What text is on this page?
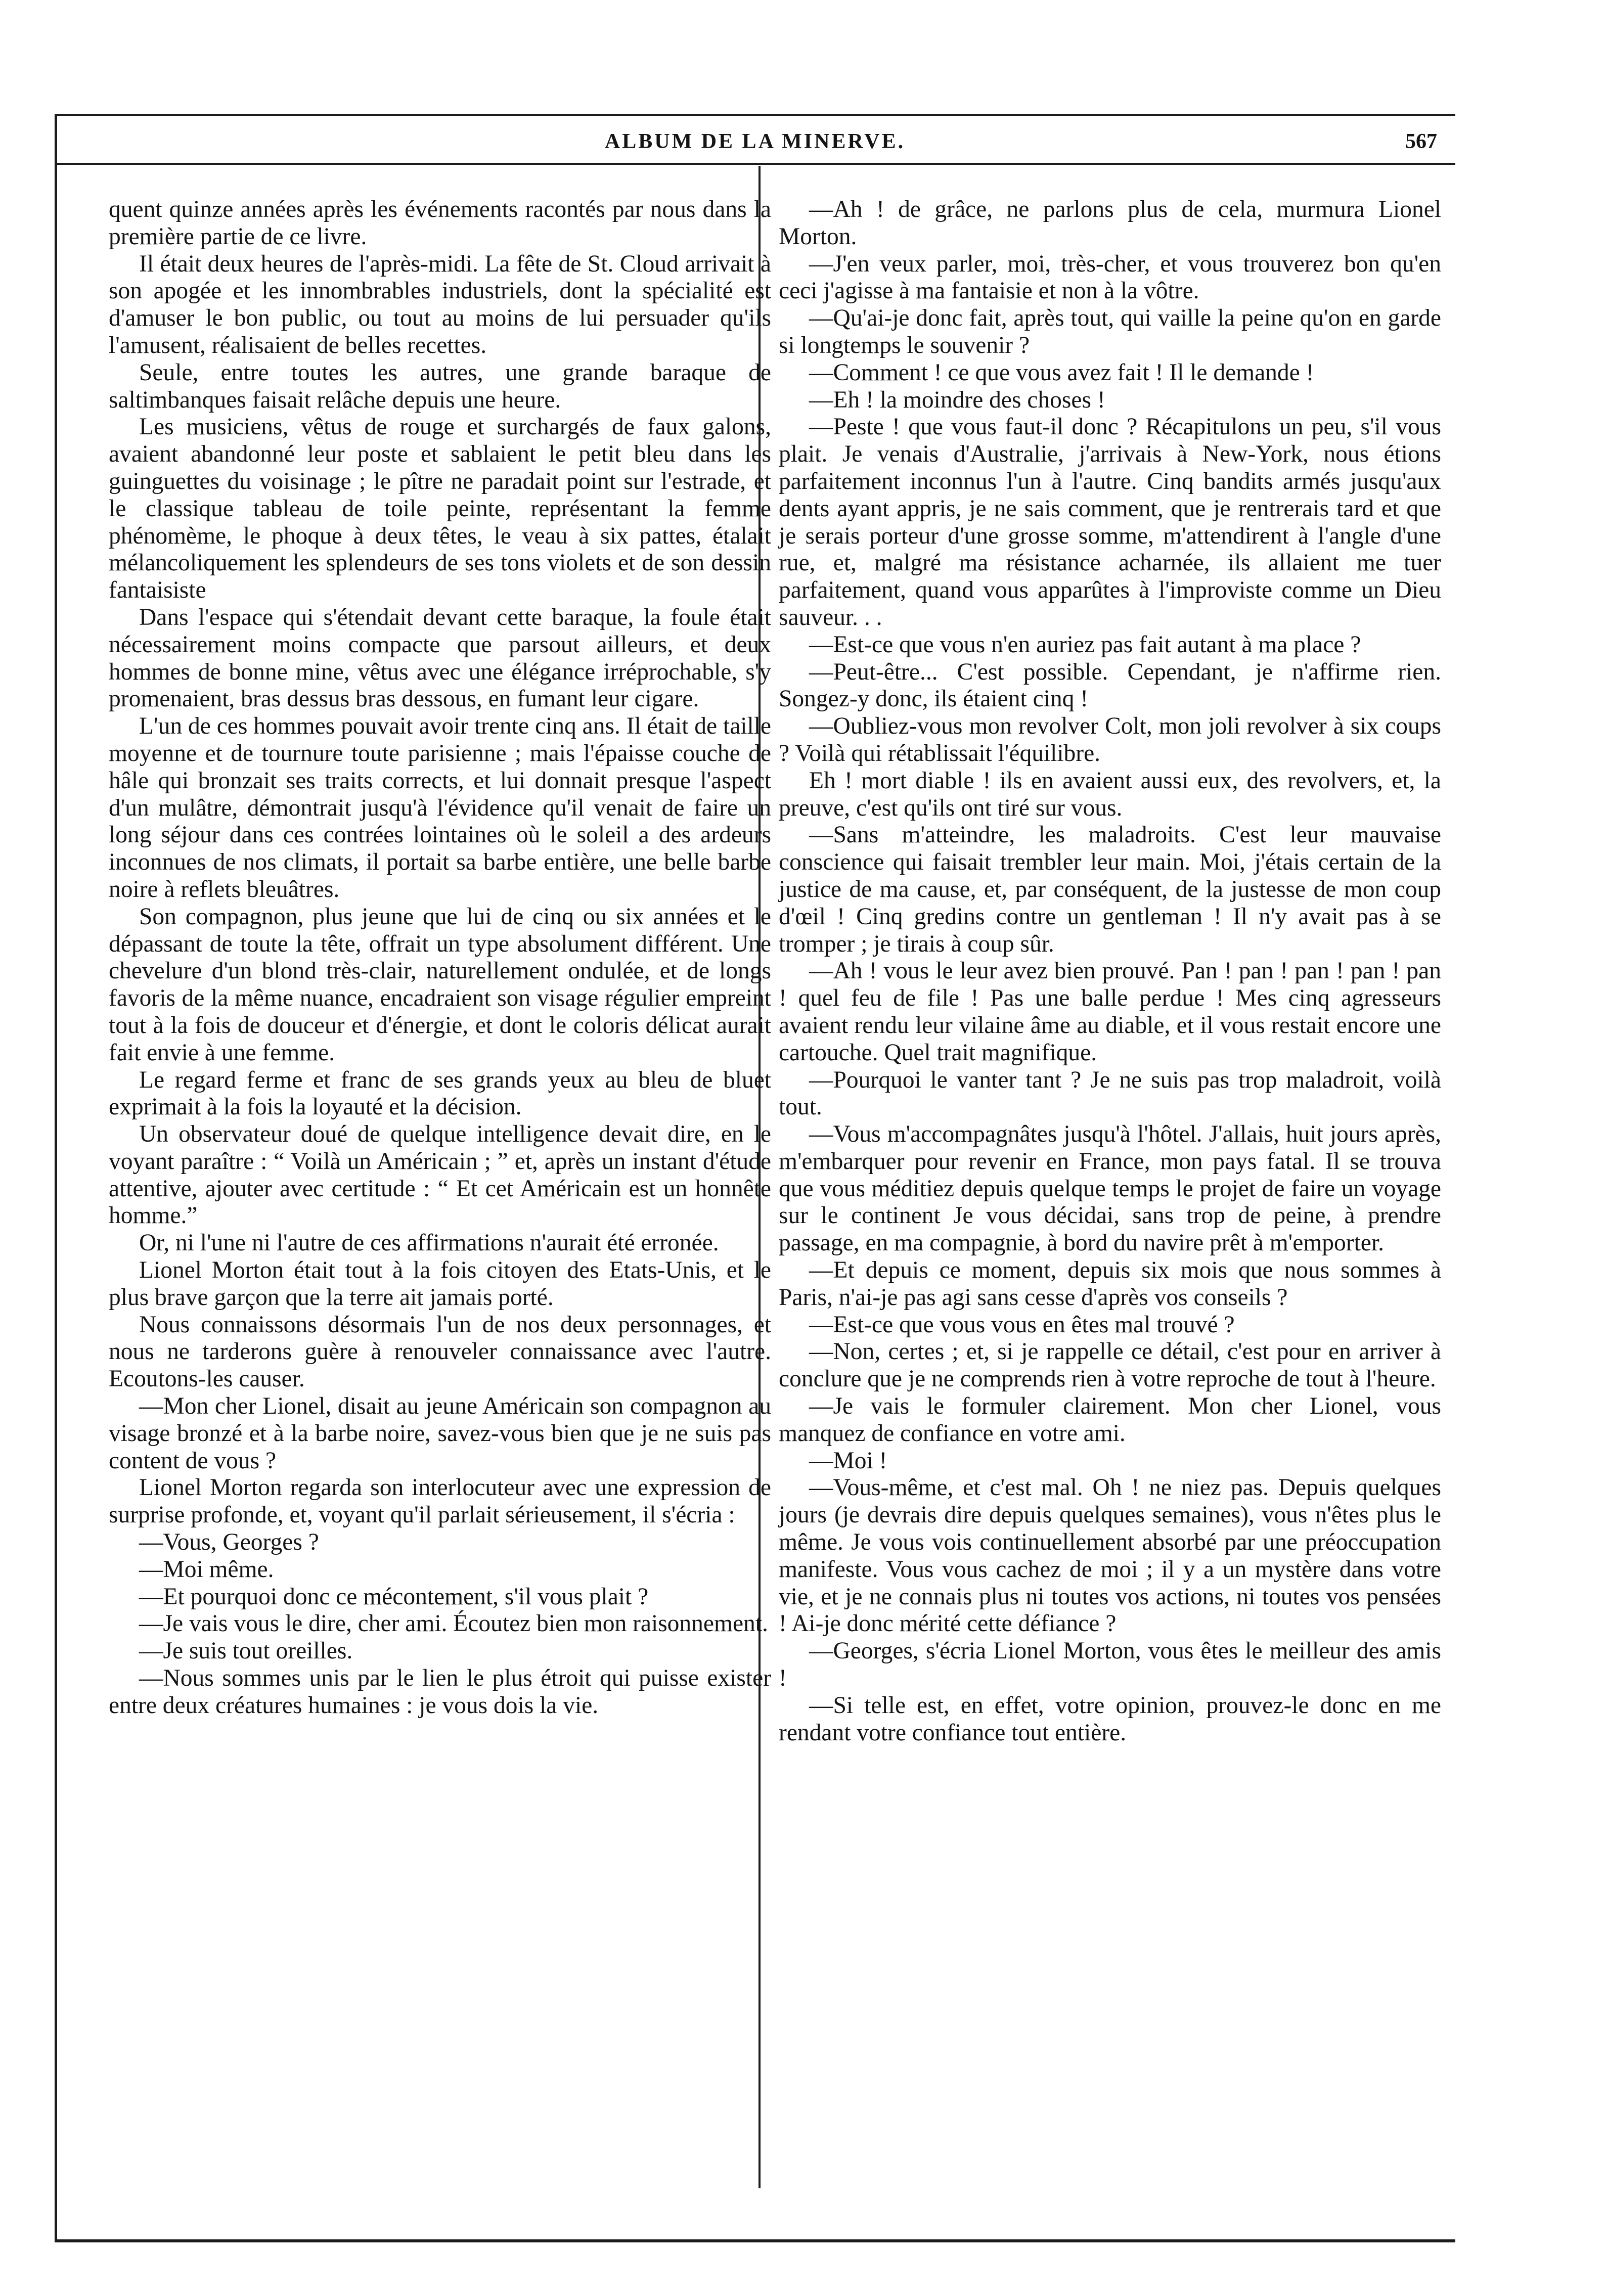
ALBUM DE LA MINERVE.	567

quent quinze années après les événements racontés par nous dans la première partie de ce livre.

Il était deux heures de l'après-midi. La fête de St. Cloud arrivait à son apogée et les innombrables industriels, dont la spécialité est d'amuser le bon public, ou tout au moins de lui persuader qu'ils l'amusent, réalisaient de belles recettes.

Seule, entre toutes les autres, une grande baraque de saltimbanques faisait relâche depuis une heure.

Les musiciens, vêtus de rouge et surchargés de faux galons, avaient abandonné leur poste et sablaient le petit bleu dans les guinguettes du voisinage ; le pître ne paradait point sur l'estrade, et le classique tableau de toile peinte, représentant la femme phénomème, le phoque à deux têtes, le veau à six pattes, étalait mélancoliquement les splendeurs de ses tons violets et de son dessin fantaisiste

Dans l'espace qui s'étendait devant cette baraque, la foule était nécessairement moins compacte que parsout ailleurs, et deux hommes de bonne mine, vêtus avec une élégance irréprochable, s'y promenaient, bras dessus bras dessous, en fumant leur cigare.

L'un de ces hommes pouvait avoir trente cinq ans. Il était de taille moyenne et de tournure toute parisienne ; mais l'épaisse couche de hâle qui bronzait ses traits corrects, et lui donnait presque l'aspect d'un mulâtre, démontrait jusqu'à l'évidence qu'il venait de faire un long séjour dans ces contrées lointaines où le soleil a des ardeurs inconnues de nos climats, il portait sa barbe entière, une belle barbe noire à reflets bleuâtres.

Son compagnon, plus jeune que lui de cinq ou six années et le dépassant de toute la tête, offrait un type absolument différent. Une chevelure d'un blond très-clair, naturellement ondulée, et de longs favoris de la même nuance, encadraient son visage régulier empreint tout à la fois de douceur et d'énergie, et dont le coloris délicat aurait fait envie à une femme.

Le regard ferme et franc de ses grands yeux au bleu de bluet exprimait à la fois la loyauté et la décision.

Un observateur doué de quelque intelligence devait dire, en le voyant paraître : “ Voilà un Américain ; ” et, après un instant d'étude attentive, ajouter avec certitude : “ Et cet Américain est un honnête homme.”

Or, ni l'une ni l'autre de ces affirmations n'aurait été erronée.

Lionel Morton était tout à la fois citoyen des Etats-Unis, et le plus brave garçon que la terre ait jamais porté.

Nous connaissons désormais l'un de nos deux personnages, et nous ne tarderons guère à renouveler connaissance avec l'autre. Ecoutons-les causer.

—Mon cher Lionel, disait au jeune Américain son compagnon au visage bronzé et à la barbe noire, savez-vous bien que je ne suis pas content de vous ?

Lionel Morton regarda son interlocuteur avec une expression de surprise profonde, et, voyant qu'il parlait sérieusement, il s'écria :

—Vous, Georges ?

—Moi même.

—Et pourquoi donc ce mécontement, s'il vous plait ?

—Je vais vous le dire, cher ami. Écoutez bien mon raisonnement.

—Je suis tout oreilles.

—Nous sommes unis par le lien le plus étroit qui puisse exister entre deux créatures humaines : je vous dois la vie.

—Ah ! de grâce, ne parlons plus de cela, murmura Lionel Morton.

—J'en veux parler, moi, très-cher, et vous trouverez bon qu'en ceci j'agisse à ma fantaisie et non à la vôtre.

—Qu'ai-je donc fait, après tout, qui vaille la peine qu'on en garde si longtemps le souvenir ?

—Comment ! ce que vous avez fait ! Il le demande !

—Eh ! la moindre des choses !

—Peste ! que vous faut-il donc ? Récapitulons un peu, s'il vous plait. Je venais d'Australie, j'arrivais à New-York, nous étions parfaitement inconnus l'un à l'autre. Cinq bandits armés jusqu'aux dents ayant appris, je ne sais comment, que je rentrerais tard et que je serais porteur d'une grosse somme, m'attendirent à l'angle d'une rue, et, malgré ma résistance acharnée, ils allaient me tuer parfaitement, quand vous apparûtes à l'improviste comme un Dieu sauveur. . .

—Est-ce que vous n'en auriez pas fait autant à ma place ?

—Peut-être... C'est possible. Cependant, je n'affirme rien. Songez-y donc, ils étaient cinq !

—Oubliez-vous mon revolver Colt, mon joli revolver à six coups ? Voilà qui rétablissait l'équilibre.

Eh ! mort diable ! ils en avaient aussi eux, des revolvers, et, la preuve, c'est qu'ils ont tiré sur vous.

—Sans m'atteindre, les maladroits. C'est leur mauvaise conscience qui faisait trembler leur main. Moi, j'étais certain de la justice de ma cause, et, par conséquent, de la justesse de mon coup d'œil ! Cinq gredins contre un gentleman ! Il n'y avait pas à se tromper ; je tirais à coup sûr.

—Ah ! vous le leur avez bien prouvé. Pan ! pan ! pan ! pan ! pan ! quel feu de file ! Pas une balle perdue ! Mes cinq agresseurs avaient rendu leur vilaine âme au diable, et il vous restait encore une cartouche. Quel trait magnifique.

—Pourquoi le vanter tant ? Je ne suis pas trop maladroit, voilà tout.

—Vous m'accompagnâtes jusqu'à l'hôtel. J'allais, huit jours après, m'embarquer pour revenir en France, mon pays fatal. Il se trouva que vous méditiez depuis quelque temps le projet de faire un voyage sur le continent Je vous décidai, sans trop de peine, à prendre passage, en ma compagnie, à bord du navire prêt à m'emporter.

—Et depuis ce moment, depuis six mois que nous sommes à Paris, n'ai-je pas agi sans cesse d'après vos conseils ?

—Est-ce que vous vous en êtes mal trouvé ?

—Non, certes ; et, si je rappelle ce détail, c'est pour en arriver à conclure que je ne comprends rien à votre reproche de tout à l'heure.

—Je vais le formuler clairement. Mon cher Lionel, vous manquez de confiance en votre ami.

—Moi !

—Vous-même, et c'est mal. Oh ! ne niez pas. Depuis quelques jours (je devrais dire depuis quelques semaines), vous n'êtes plus le même. Je vous vois continuellement absorbé par une préoccupation manifeste. Vous vous cachez de moi ; il y a un mystère dans votre vie, et je ne connais plus ni toutes vos actions, ni toutes vos pensées ! Ai-je donc mérité cette défiance ?

—Georges, s'écria Lionel Morton, vous êtes le meilleur des amis !

—Si telle est, en effet, votre opinion, prouvez-le donc en me rendant votre confiance tout entière.
